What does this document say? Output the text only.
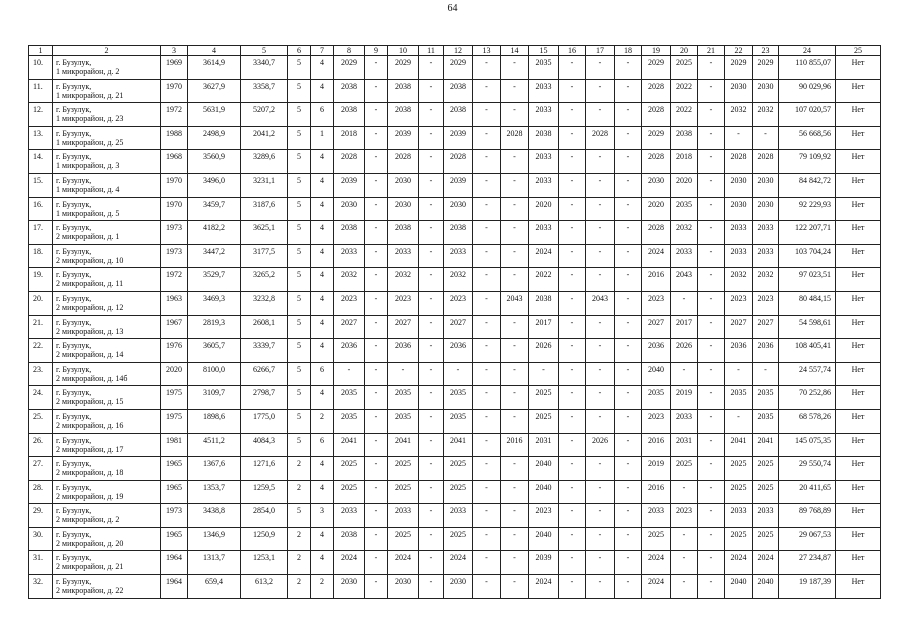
64
1	2	3	4	5	6	7	8	9	10	11	12	13	14	15	16	17	18	19	20	21	22	23	24	25
10.	г. Бузулук,
1 микрорайон, д. 2	1969	3614,9	3340,7	5	4	2029	-	2029	-	2029	-	-	2035	-	-	-	2029	2025	-	2029	2029	110 855,07	Нет
11.	г. Бузулук,
1 микрорайон, д. 21	1970	3627,9	3358,7	5	4	2038	-	2038	-	2038	-	-	2033	-	-	-	2028	2022	-	2030	2030	90 029,96	Нет
12.	г. Бузулук,
1 микрорайон, д. 23	1972	5631,9	5207,2	5	6	2038	-	2038	-	2038	-	-	2033	-	-	-	2028	2022	-	2032	2032	107 020,57	Нет
13.	г. Бузулук,
1 микрорайон, д. 25	1988	2498,9	2041,2	5	1	2018	-	2039	-	2039	-	2028	2038	-	2028	-	2029	2038	-	-	-	56 668,56	Нет
14.	г. Бузулук,
1 микрорайон, д. 3	1968	3560,9	3289,6	5	4	2028	-	2028	-	2028	-	-	2033	-	-	-	2028	2018	-	2028	2028	79 109,92	Нет
15.	г. Бузулук,
1 микрорайон, д. 4	1970	3496,0	3231,1	5	4	2039	-	2030	-	2039	-	-	2033	-	-	-	2030	2020	-	2030	2030	84 842,72	Нет
16.	г. Бузулук,
1 микрорайон, д. 5	1970	3459,7	3187,6	5	4	2030	-	2030	-	2030	-	-	2020	-	-	-	2020	2035	-	2030	2030	92 229,93	Нет
17.	г. Бузулук,
2 микрорайон, д. 1	1973	4182,2	3625,1	5	4	2038	-	2038	-	2038	-	-	2033	-	-	-	2028	2032	-	2033	2033	122 207,71	Нет
18.	г. Бузулук,
2 микрорайон, д. 10	1973	3447,2	3177,5	5	4	2033	-	2033	-	2033	-	-	2024	-	-	-	2024	2033	-	2033	2033	103 704,24	Нет
19.	г. Бузулук,
2 микрорайон, д. 11	1972	3529,7	3265,2	5	4	2032	-	2032	-	2032	-	-	2022	-	-	-	2016	2043	-	2032	2032	97 023,51	Нет
20.	г. Бузулук,
2 микрорайон, д. 12	1963	3469,3	3232,8	5	4	2023	-	2023	-	2023	-	2043	2038	-	2043	-	2023	-	-	2023	2023	80 484,15	Нет
21.	г. Бузулук,
2 микрорайон, д. 13	1967	2819,3	2608,1	5	4	2027	-	2027	-	2027	-	-	2017	-	-	-	2027	2017	-	2027	2027	54 598,61	Нет
22.	г. Бузулук,
2 микрорайон, д. 14	1976	3605,7	3339,7	5	4	2036	-	2036	-	2036	-	-	2026	-	-	-	2036	2026	-	2036	2036	108 405,41	Нет
23.	г. Бузулук,
2 микрорайон, д. 14б	2020	8100,0	6266,7	5	6	-	-	-	-	-	-	-	-	-	-	-	2040	-	-	-	-	24 557,74	Нет
24.	г. Бузулук,
2 микрорайон, д. 15	1975	3109,7	2798,7	5	4	2035	-	2035	-	2035	-	-	2025	-	-	-	2035	2019	-	2035	2035	70 252,86	Нет
25.	г. Бузулук,
2 микрорайон, д. 16	1975	1898,6	1775,0	5	2	2035	-	2035	-	2035	-	-	2025	-	-	-	2023	2033	-	-	2035	68 578,26	Нет
26.	г. Бузулук,
2 микрорайон, д. 17	1981	4511,2	4084,3	5	6	2041	-	2041	-	2041	-	2016	2031	-	2026	-	2016	2031	-	2041	2041	145 075,35	Нет
27.	г. Бузулук,
2 микрорайон, д. 18	1965	1367,6	1271,6	2	4	2025	-	2025	-	2025	-	-	2040	-	-	-	2019	2025	-	2025	2025	29 550,74	Нет
28.	г. Бузулук,
2 микрорайон, д. 19	1965	1353,7	1259,5	2	4	2025	-	2025	-	2025	-	-	2040	-	-	-	2016	-	-	2025	2025	20 411,65	Нет
29.	г. Бузулук,
2 микрорайон, д. 2	1973	3438,8	2854,0	5	3	2033	-	2033	-	2033	-	-	2023	-	-	-	2033	2023	-	2033	2033	89 768,89	Нет
30.	г. Бузулук,
2 микрорайон, д. 20	1965	1346,9	1250,9	2	4	2038	-	2025	-	2025	-	-	2040	-	-	-	2025	-	-	2025	2025	29 067,53	Нет
31.	г. Бузулук,
2 микрорайон, д. 21	1964	1313,7	1253,1	2	4	2024	-	2024	-	2024	-	-	2039	-	-	-	2024	-	-	2024	2024	27 234,87	Нет
32.	г. Бузулук,
2 микрорайон, д. 22	1964	659,4	613,2	2	2	2030	-	2030	-	2030	-	-	2024	-	-	-	2024	-	-	2040	2040	19 187,39	Нет
